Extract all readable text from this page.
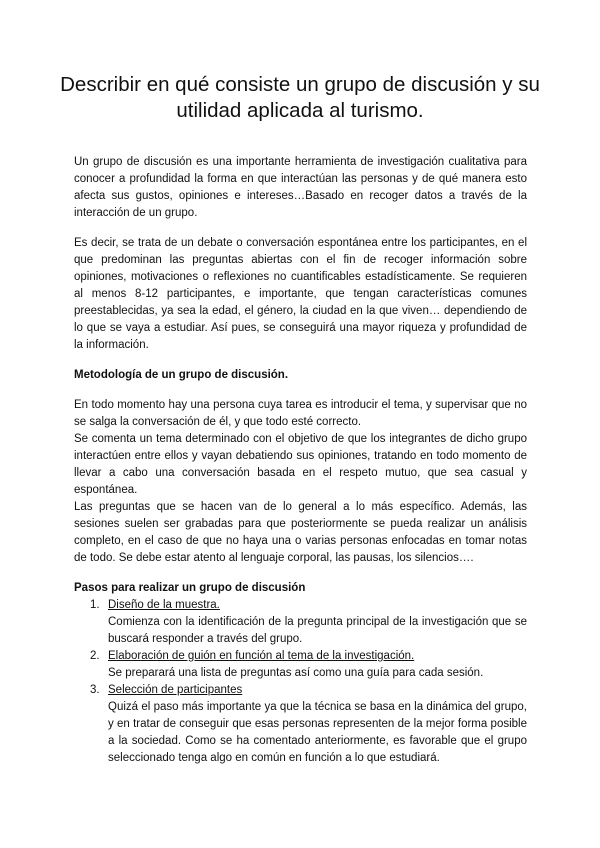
Describir en qué consiste un grupo de discusión y su utilidad aplicada al turismo.

Un grupo de discusión es una importante herramienta de investigación cualitativa para conocer a profundidad la forma en que interactúan las personas y de qué manera esto afecta sus gustos, opiniones e intereses…Basado en recoger datos a través de la interacción de un grupo.

Es decir, se trata de un debate o conversación espontánea entre los participantes, en el que predominan las preguntas abiertas con el fin de recoger información sobre opiniones, motivaciones o reflexiones no cuantificables estadísticamente. Se requieren al menos 8-12 participantes, e importante, que tengan características comunes preestablecidas, ya sea la edad, el género, la ciudad en la que viven… dependiendo de lo que se vaya a estudiar. Así pues, se conseguirá una mayor riqueza y profundidad de la información.

Metodología de un grupo de discusión.

En todo momento hay una persona cuya tarea es introducir el tema, y supervisar que no se salga la conversación de él, y que todo esté correcto.

Se comenta un tema determinado con el objetivo de que los integrantes de dicho grupo interactúen entre ellos y vayan debatiendo sus opiniones, tratando en todo momento de llevar a cabo una conversación basada en el respeto mutuo, que sea casual y espontánea.

Las preguntas que se hacen van de lo general a lo más específico. Además, las sesiones suelen ser grabadas para que posteriormente se pueda realizar un análisis completo, en el caso de que no haya una o varias personas enfocadas en tomar notas de todo. Se debe estar atento al lenguaje corporal, las pausas, los silencios….

Pasos para realizar un grupo de discusión

1. Diseño de la muestra.
Comienza con la identificación de la pregunta principal de la investigación que se buscará responder a través del grupo.
2. Elaboración de guión en función al tema de la investigación.
Se preparará una lista de preguntas así como una guía para cada sesión.
3. Selección de participantes
Quizá el paso más importante ya que la técnica se basa en la dinámica del grupo, y en tratar de conseguir que esas personas representen de la mejor forma posible a la sociedad. Como se ha comentado anteriormente, es favorable que el grupo seleccionado tenga algo en común en función a lo que estudiará.
